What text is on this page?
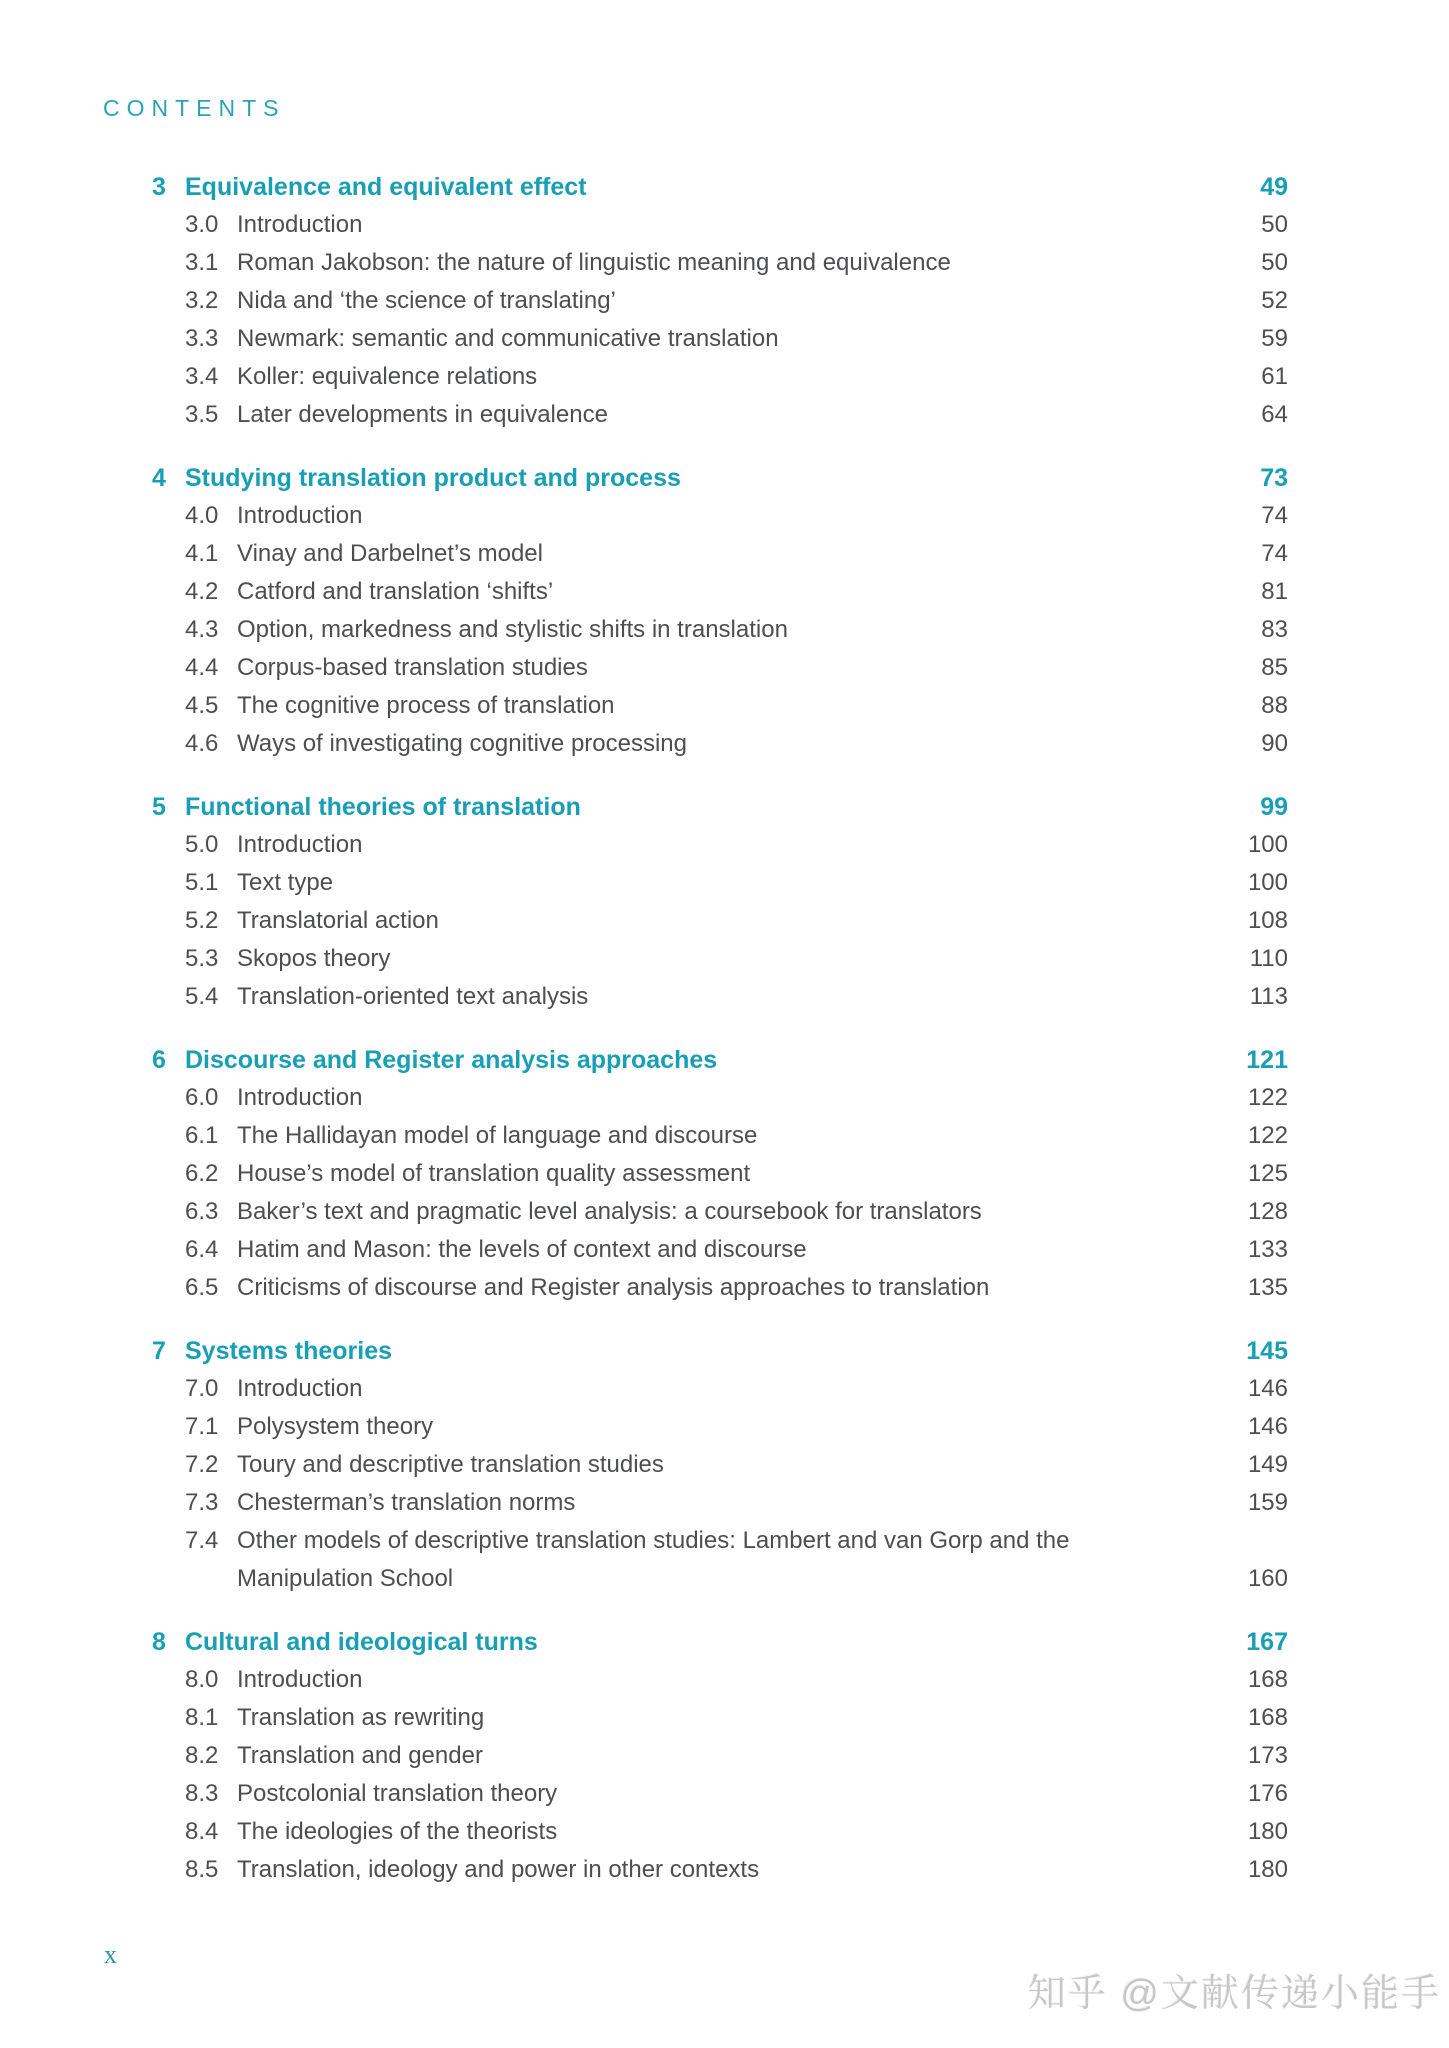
CONTENTS
3 Equivalence and equivalent effect	49
3.0 Introduction	50
3.1 Roman Jakobson: the nature of linguistic meaning and equivalence	50
3.2 Nida and ‘the science of translating’	52
3.3 Newmark: semantic and communicative translation	59
3.4 Koller: equivalence relations	61
3.5 Later developments in equivalence	64
4 Studying translation product and process	73
4.0 Introduction	74
4.1 Vinay and Darbelnet’s model	74
4.2 Catford and translation ‘shifts’	81
4.3 Option, markedness and stylistic shifts in translation	83
4.4 Corpus-based translation studies	85
4.5 The cognitive process of translation	88
4.6 Ways of investigating cognitive processing	90
5 Functional theories of translation	99
5.0 Introduction	100
5.1 Text type	100
5.2 Translatorial action	108
5.3 Skopos theory	110
5.4 Translation-oriented text analysis	113
6 Discourse and Register analysis approaches	121
6.0 Introduction	122
6.1 The Hallidayan model of language and discourse	122
6.2 House’s model of translation quality assessment	125
6.3 Baker’s text and pragmatic level analysis: a coursebook for translators	128
6.4 Hatim and Mason: the levels of context and discourse	133
6.5 Criticisms of discourse and Register analysis approaches to translation	135
7 Systems theories	145
7.0 Introduction	146
7.1 Polysystem theory	146
7.2 Toury and descriptive translation studies	149
7.3 Chesterman’s translation norms	159
7.4 Other models of descriptive translation studies: Lambert and van Gorp and the
Manipulation School	160
8 Cultural and ideological turns	167
8.0 Introduction	168
8.1 Translation as rewriting	168
8.2 Translation and gender	173
8.3 Postcolonial translation theory	176
8.4 The ideologies of the theorists	180
8.5 Translation, ideology and power in other contexts	180
x
知乎 @文献传递小能手
